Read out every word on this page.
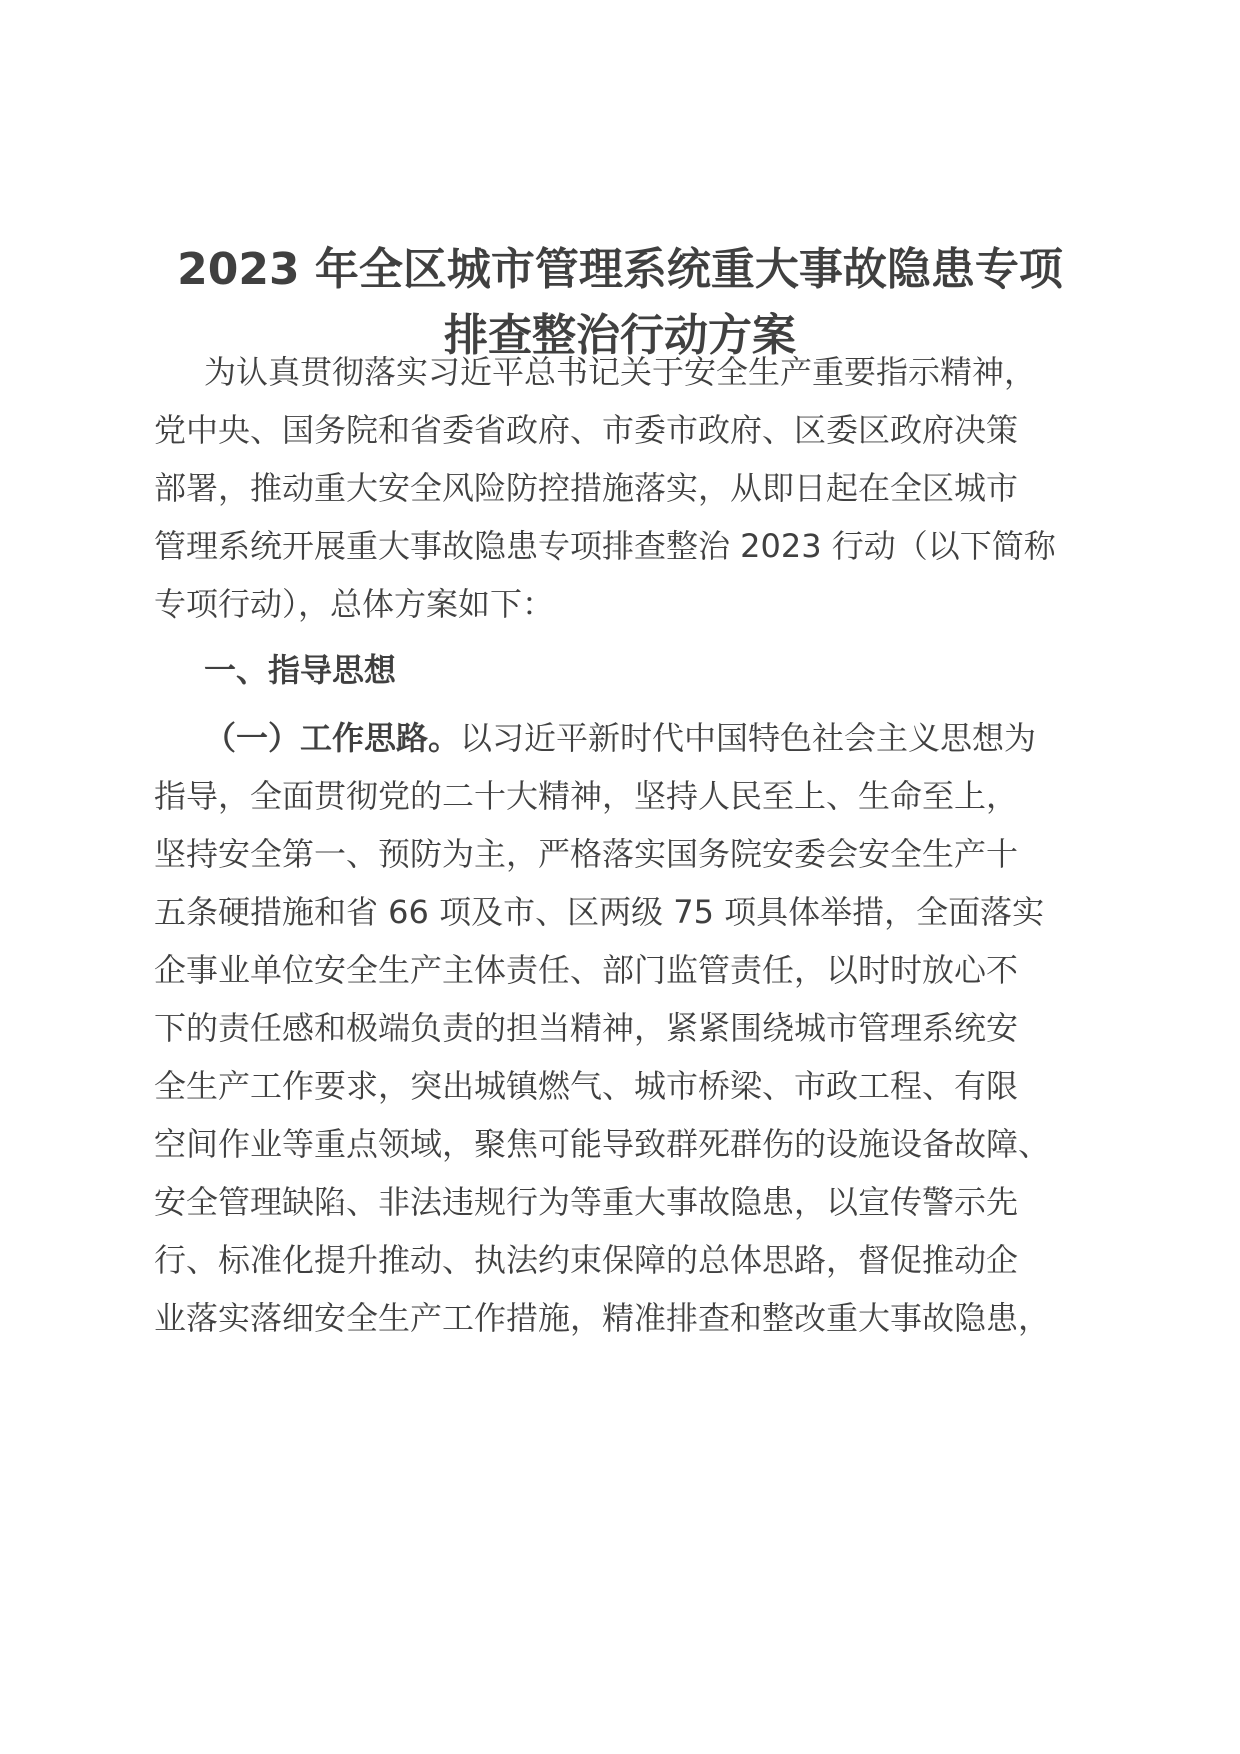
2023 年全区城市管理系统重大事故隐患专项
排查整治行动方案
为认真贯彻落实习近平总书记关于安全生产重要指示精神，
党中央、国务院和省委省政府、市委市政府、区委区政府决策
部署，推动重大安全风险防控措施落实，从即日起在全区城市
管理系统开展重大事故隐患专项排查整治 2023 行动（以下简称
专项行动），总体方案如下：
一、指导思想
（一）工作思路。以习近平新时代中国特色社会主义思想为
指导，全面贯彻党的二十大精神，坚持人民至上、生命至上，
坚持安全第一、预防为主，严格落实国务院安委会安全生产十
五条硬措施和省 66 项及市、区两级 75 项具体举措，全面落实
企事业单位安全生产主体责任、部门监管责任，以时时放心不
下的责任感和极端负责的担当精神，紧紧围绕城市管理系统安
全生产工作要求，突出城镇燃气、城市桥梁、市政工程、有限
空间作业等重点领域，聚焦可能导致群死群伤的设施设备故障、
安全管理缺陷、非法违规行为等重大事故隐患，以宣传警示先
行、标准化提升推动、执法约束保障的总体思路，督促推动企
业落实落细安全生产工作措施，精准排查和整改重大事故隐患，
